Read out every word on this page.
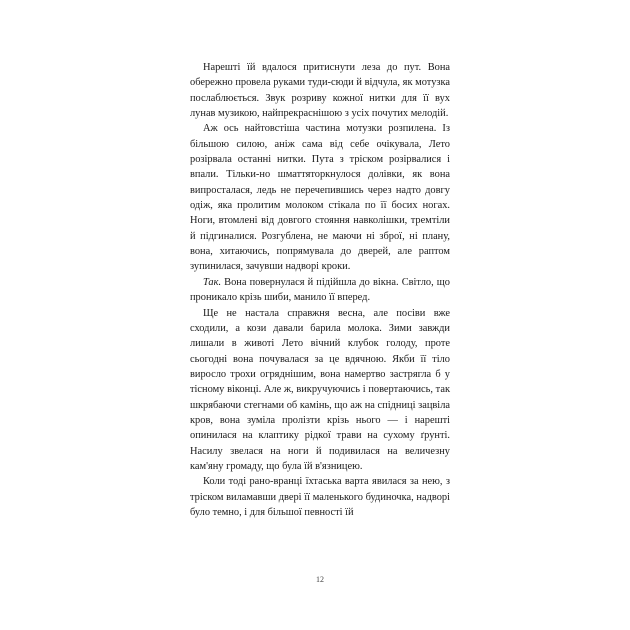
Нарешті їй вдалося притиснути леза до пут. Вона обережно провела руками туди-сюди й відчула, як мотузка послаблюється. Звук розриву кожної нитки для її вух лунав музикою, найпрекраснішою з усіх почутих мелодій.

Аж ось найтовстіша частина мотузки розпилена. Із більшою силою, аніж сама від себе очікувала, Лето розірвала останні нитки. Пута з тріском розірвалися і впали. Тільки-но шматтяторкнулося долівки, як вона випросталася, ледь не перечепившись через надто довгу одіж, яка пролитим молоком стікала по її босих ногах. Ноги, втомлені від довгого стояння навколішки, тремтіли й підгиналися. Розгублена, не маючи ні зброї, ні плану, вона, хитаючись, попрямувала до дверей, але раптом зупинилася, зачувши надворі кроки.

Так. Вона повернулася й підійшла до вікна. Світло, що проникало крізь шиби, манило її вперед.

Ще не настала справжня весна, але посіви вже сходили, а кози давали барила молока. Зими завжди лишали в животі Лето вічний клубок голоду, проте сьогодні вона почувалася за це вдячною. Якби її тіло виросло трохи огряднішим, вона намертво застрягла б у тісному віконці. Але ж, викручуючись і повертаючись, так шкрябаючи стегнами об камінь, що аж на спідниці зацвіла кров, вона зуміла пролізти крізь нього — і нарешті опинилася на клаптику рідкої трави на сухому ґрунті. Насилу звелася на ноги й подивилася на величезну кам'яну громаду, що була їй в'язницею.

Коли тоді рано-вранці їхтаська варта явилася за нею, з тріском виламавши двері її маленького будиночка, надворі було темно, і для більшої певності їй

12
